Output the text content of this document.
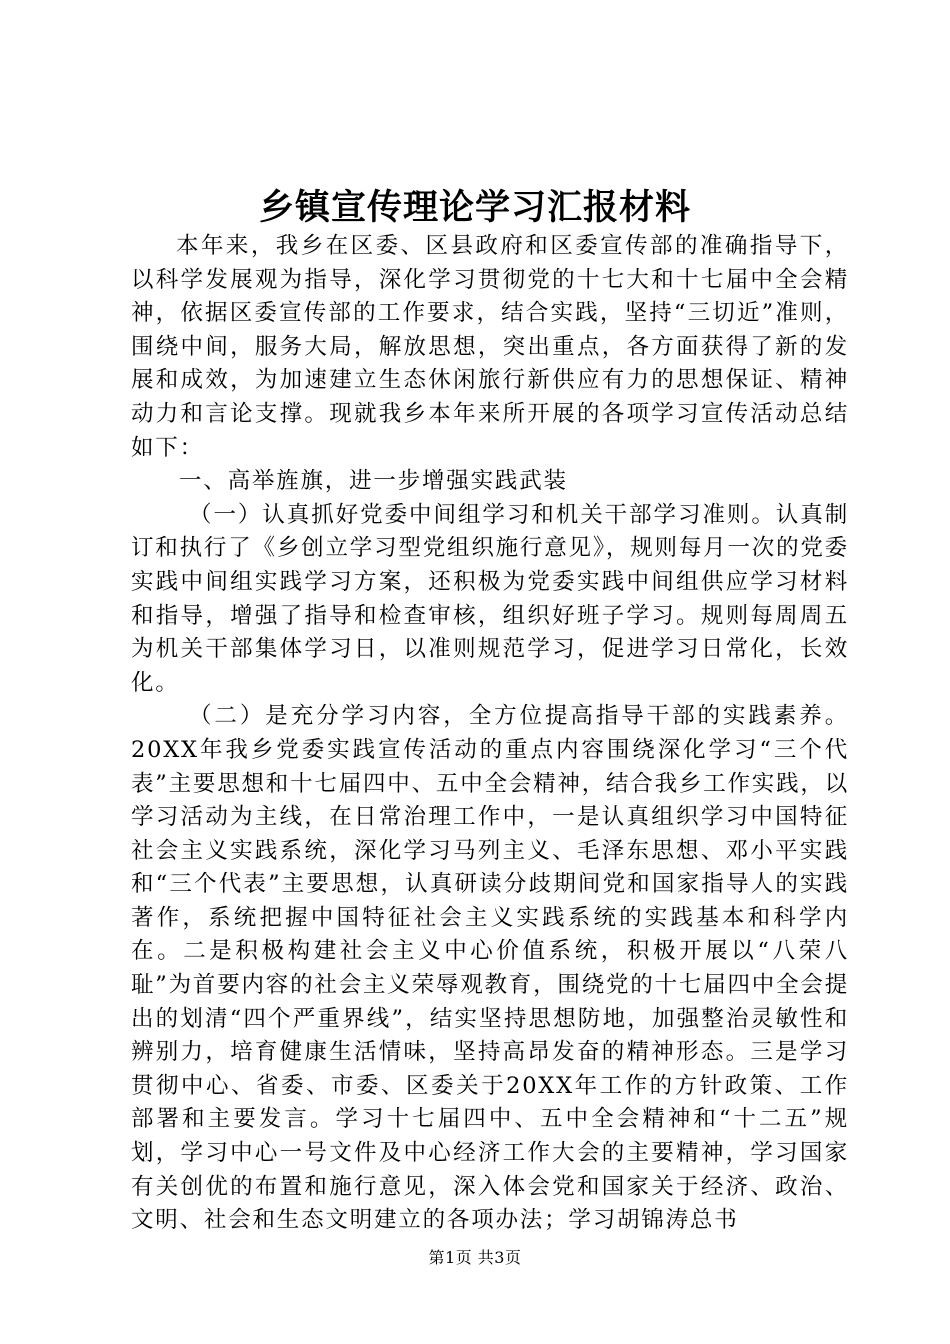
乡镇宣传理论学习汇报材料

本年来，我乡在区委、区县政府和区委宣传部的准确指导下，以科学发展观为指导，深化学习贯彻党的十七大和十七届中全会精神，依据区委宣传部的工作要求，结合实践，坚持“三切近”准则，围绕中间，服务大局，解放思想，突出重点，各方面获得了新的发展和成效，为加速建立生态休闲旅行新供应有力的思想保证、精神动力和言论支撑。现就我乡本年来所开展的各项学习宣传活动总结如下：

一、高举旌旗，进一步增强实践武装

（一）认真抓好党委中间组学习和机关干部学习准则。认真制订和执行了《乡创立学习型党组织施行意见》，规则每月一次的党委实践中间组实践学习方案，还积极为党委实践中间组供应学习材料和指导，增强了指导和检查审核，组织好班子学习。规则每周周五为机关干部集体学习日，以准则规范学习，促进学习日常化，长效化。

（二）是充分学习内容，全方位提高指导干部的实践素养。20XX年我乡党委实践宣传活动的重点内容围绕深化学习“三个代表”主要思想和十七届四中、五中全会精神，结合我乡工作实践，以学习活动为主线，在日常治理工作中，一是认真组织学习中国特征社会主义实践系统，深化学习马列主义、毛泽东思想、邓小平实践和“三个代表”主要思想，认真研读分歧期间党和国家指导人的实践著作，系统把握中国特征社会主义实践系统的实践基本和科学内在。二是积极构建社会主义中心价值系统，积极开展以“八荣八耻”为首要内容的社会主义荣辱观教育，围绕党的十七届四中全会提出的划清“四个严重界线”，结实坚持思想防地，加强整治灵敏性和辨别力，培育健康生活情味，坚持高昂发奋的精神形态。三是学习贯彻中心、省委、市委、区委关于20XX年工作的方针政策、工作部署和主要发言。学习十七届四中、五中全会精神和“十二五”规划，学习中心一号文件及中心经济工作大会的主要精神，学习国家有关创优的布置和施行意见，深入体会党和国家关于经济、政治、文明、社会和生态文明建立的各项办法；学习胡锦涛总书

第1页 共3页
